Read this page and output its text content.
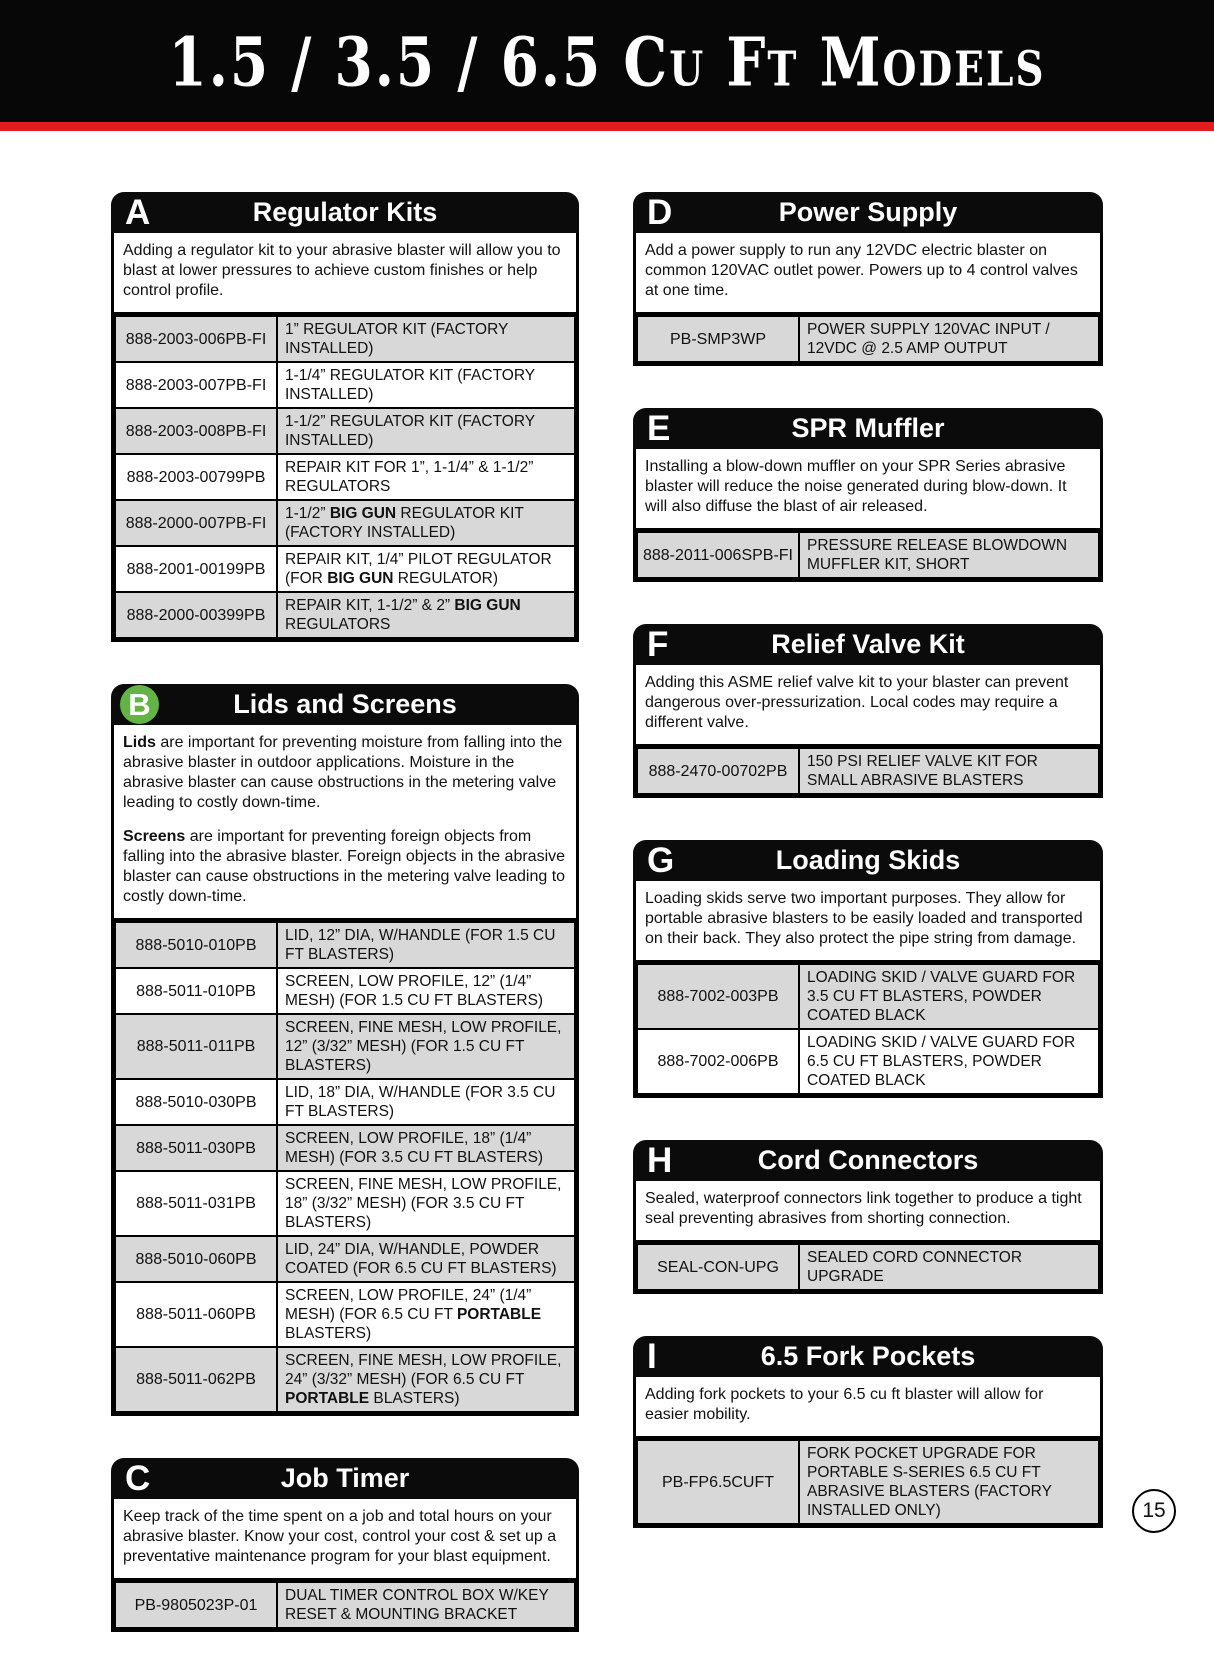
1.5 / 3.5 / 6.5 Cu Ft Models
A	Regulator Kits

Adding a regulator kit to your abrasive blaster will allow you to blast at lower pressures to achieve custom finishes or help control profile.

888-2003-006PB-FI	1” REGULATOR KIT (FACTORY INSTALLED)
888-2003-007PB-FI	1-1/4” REGULATOR KIT (FACTORY INSTALLED)
888-2003-008PB-FI	1-1/2” REGULATOR KIT (FACTORY INSTALLED)
888-2003-00799PB	REPAIR KIT FOR 1”, 1-1/4” & 1-1/2” REGULATORS
888-2000-007PB-FI	1-1/2” BIG GUN REGULATOR KIT (FACTORY INSTALLED)
888-2001-00199PB	REPAIR KIT, 1/4” PILOT REGULATOR (FOR BIG GUN REGULATOR)
888-2000-00399PB	REPAIR KIT, 1-1/2” & 2” BIG GUN REGULATORS
B	Lids and Screens

Lids are important for preventing moisture from falling into the abrasive blaster in outdoor applications. Moisture in the abrasive blaster can cause obstructions in the metering valve leading to costly down-time.

Screens are important for preventing foreign objects from falling into the abrasive blaster. Foreign objects in the abrasive blaster can cause obstructions in the metering valve leading to costly down-time.

888-5010-010PB	LID, 12” DIA, W/HANDLE (FOR 1.5 CU FT BLASTERS)
888-5011-010PB	SCREEN, LOW PROFILE, 12” (1/4” MESH) (FOR 1.5 CU FT BLASTERS)
888-5011-011PB	SCREEN, FINE MESH, LOW PROFILE, 12” (3/32” MESH) (FOR 1.5 CU FT BLASTERS)
888-5010-030PB	LID, 18” DIA, W/HANDLE (FOR 3.5 CU FT BLASTERS)
888-5011-030PB	SCREEN, LOW PROFILE, 18” (1/4” MESH) (FOR 3.5 CU FT BLASTERS)
888-5011-031PB	SCREEN, FINE MESH, LOW PROFILE, 18” (3/32” MESH) (FOR 3.5 CU FT BLASTERS)
888-5010-060PB	LID, 24” DIA, W/HANDLE, POWDER COATED (FOR 6.5 CU FT BLASTERS)
888-5011-060PB	SCREEN, LOW PROFILE, 24” (1/4” MESH) (FOR 6.5 CU FT PORTABLE BLASTERS)
888-5011-062PB	SCREEN, FINE MESH, LOW PROFILE, 24” (3/32” MESH) (FOR 6.5 CU FT PORTABLE BLASTERS)
C	Job Timer

Keep track of the time spent on a job and total hours on your abrasive blaster. Know your cost, control your cost & set up a preventative maintenance program for your blast equipment.

PB-9805023P-01	DUAL TIMER CONTROL BOX W/KEY RESET & MOUNTING BRACKET
D	Power Supply

Add a power supply to run any 12VDC electric blaster on common 120VAC outlet power. Powers up to 4 control valves at one time.

PB-SMP3WP	POWER SUPPLY 120VAC INPUT / 12VDC @ 2.5 AMP OUTPUT
E	SPR Muffler

Installing a blow-down muffler on your SPR Series abrasive blaster will reduce the noise generated during blow-down. It will also diffuse the blast of air released.

888-2011-006SPB-FI	PRESSURE RELEASE BLOWDOWN MUFFLER KIT, SHORT
F	Relief Valve Kit

Adding this ASME relief valve kit to your blaster can prevent dangerous over-pressurization. Local codes may require a different valve.

888-2470-00702PB	150 PSI RELIEF VALVE KIT FOR SMALL ABRASIVE BLASTERS
G	Loading Skids

Loading skids serve two important purposes. They allow for portable abrasive blasters to be easily loaded and transported on their back. They also protect the pipe string from damage.

888-7002-003PB	LOADING SKID / VALVE GUARD FOR 3.5 CU FT BLASTERS, POWDER COATED BLACK
888-7002-006PB	LOADING SKID / VALVE GUARD FOR 6.5 CU FT BLASTERS, POWDER COATED BLACK
H	Cord Connectors

Sealed, waterproof connectors link together to produce a tight seal preventing abrasives from shorting connection.

SEAL-CON-UPG	SEALED CORD CONNECTOR UPGRADE
I	6.5 Fork Pockets

Adding fork pockets to your 6.5 cu ft blaster will allow for easier mobility.

PB-FP6.5CUFT	FORK POCKET UPGRADE FOR PORTABLE S-SERIES 6.5 CU FT ABRASIVE BLASTERS (FACTORY INSTALLED ONLY)	15
